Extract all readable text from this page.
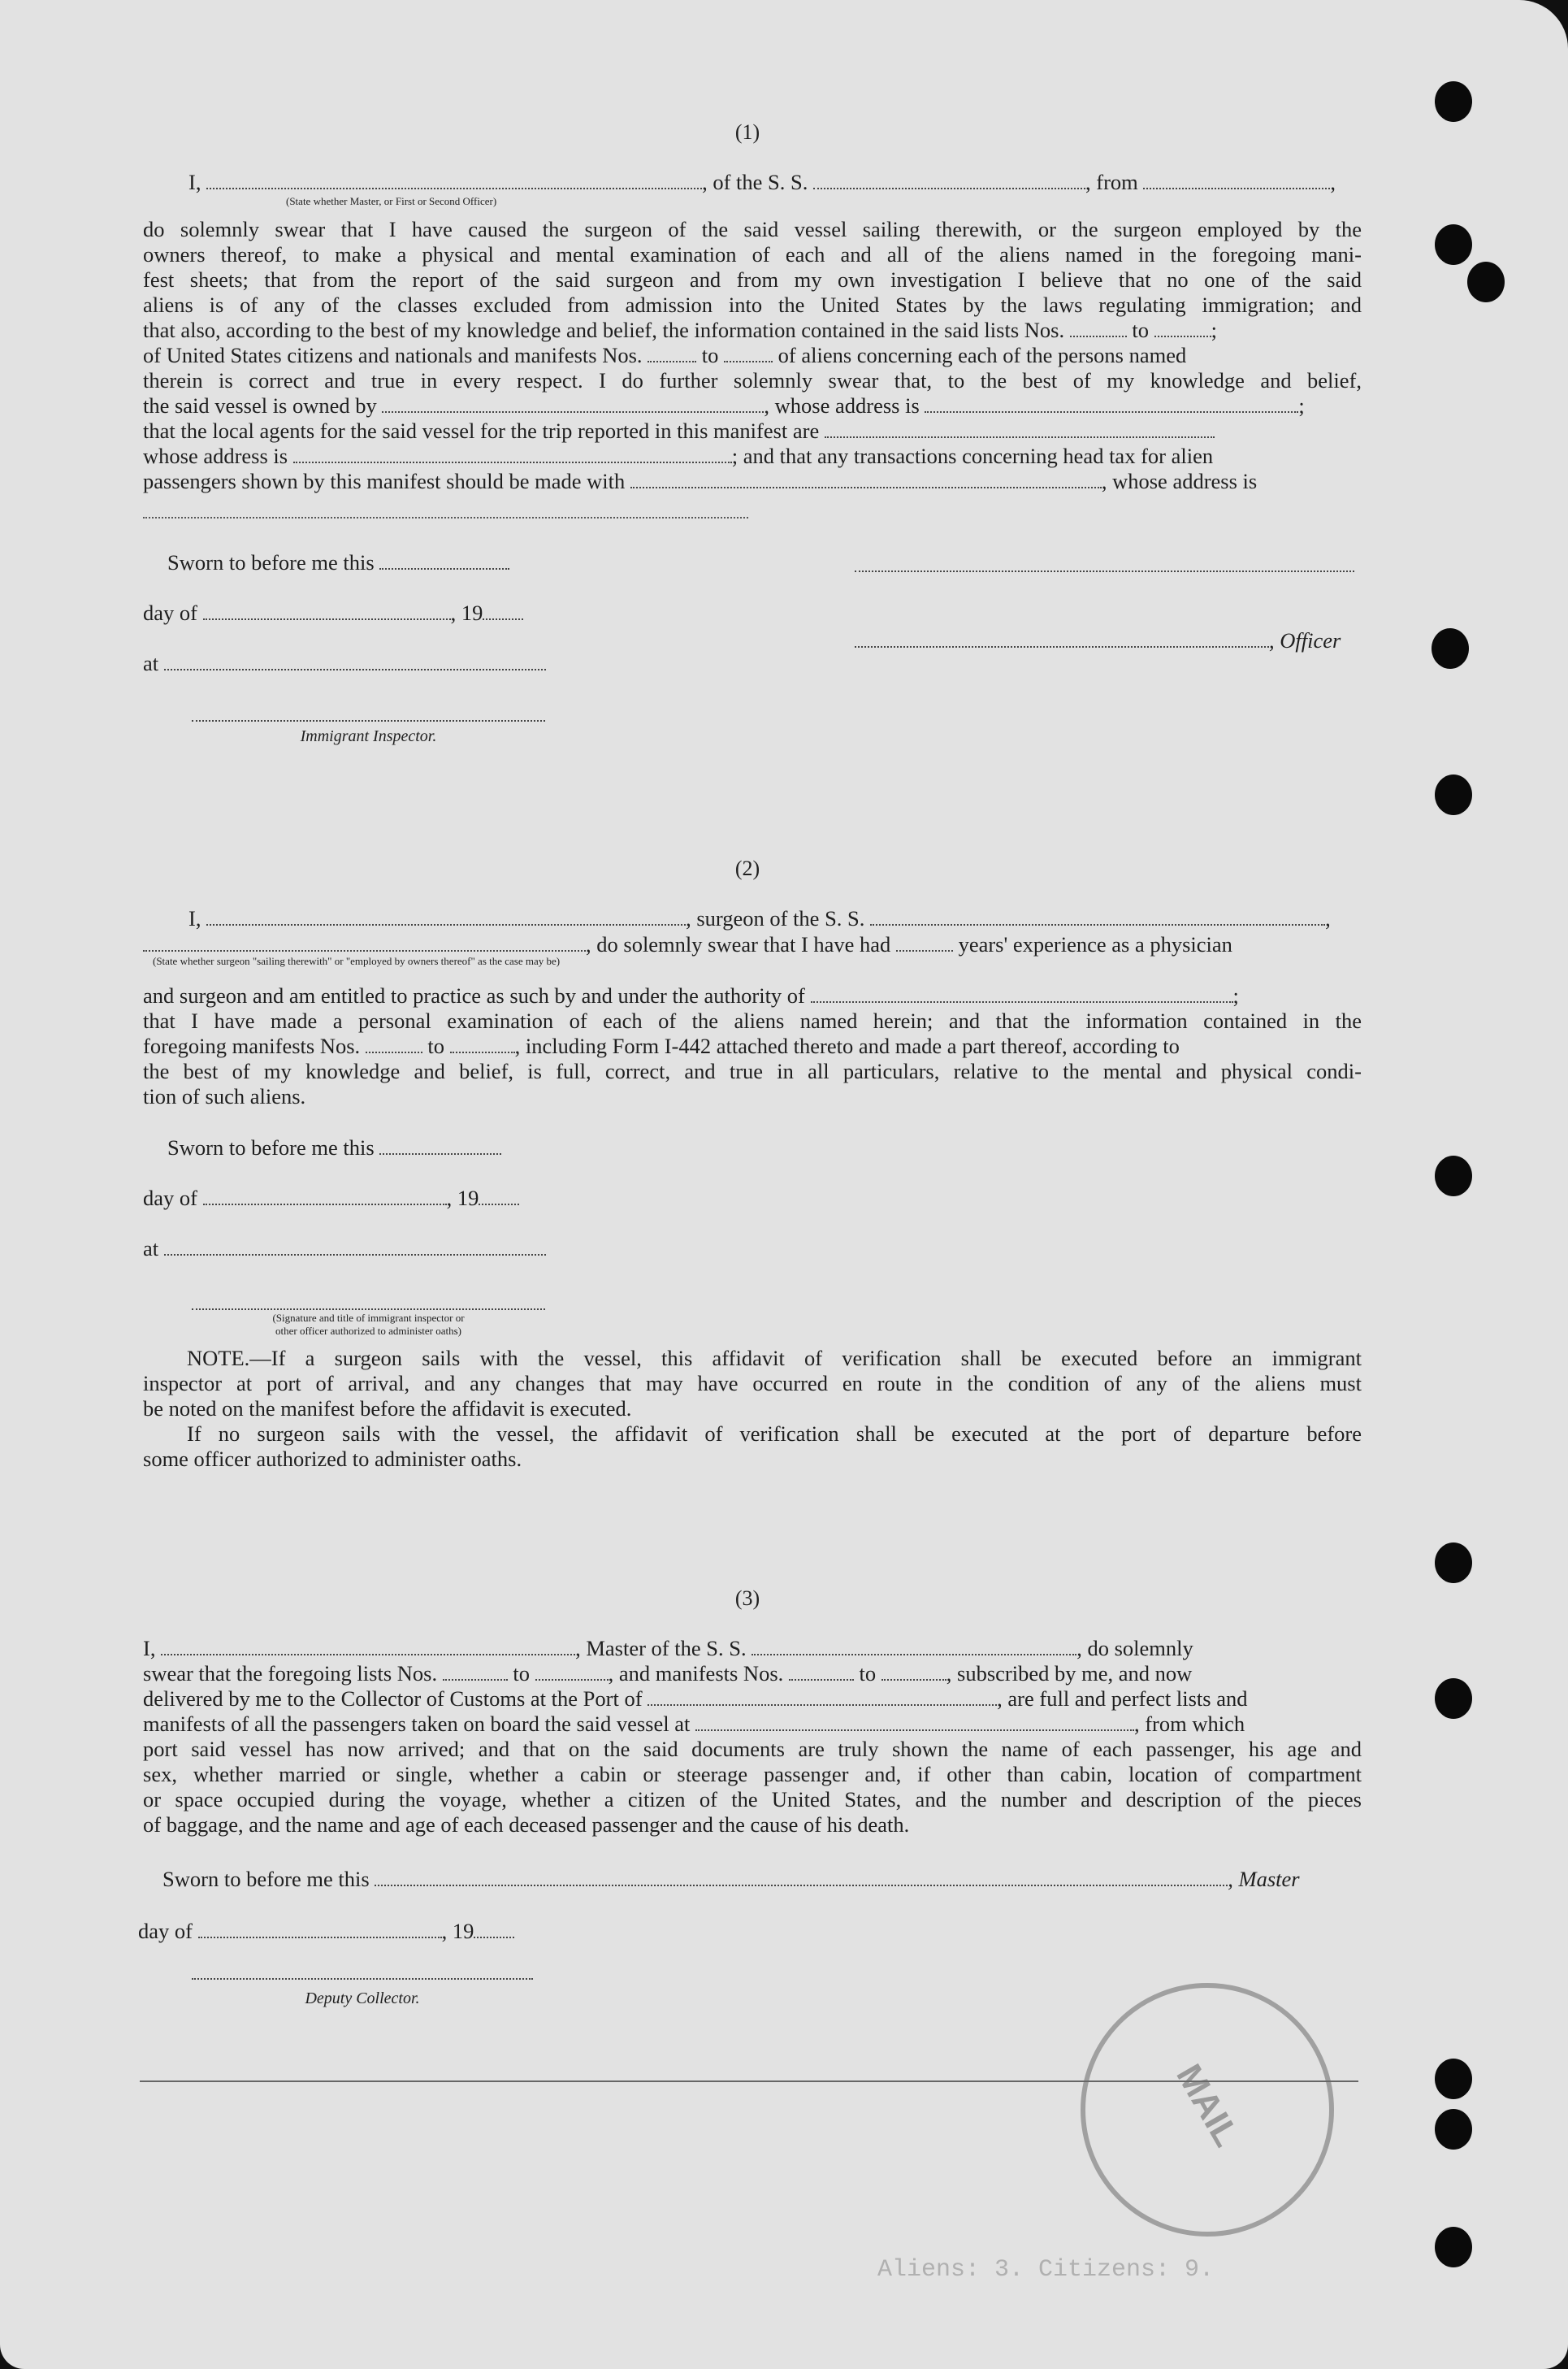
Aliens: 3. Citizens: 9.
MAIL
(1)
I,	, of the S. S.	, from	,
(State whether Master, or First or Second Officer)
do solemnly swear that I have caused the surgeon of the said vessel sailing therewith, or the surgeon employed by the
owners thereof, to make a physical and mental examination of each and all of the aliens named in the foregoing mani-
fest sheets; that from the report of the said surgeon and from my own investigation I believe that no one of the said
aliens is of any of the classes excluded from admission into the United States by the laws regulating immigration; and
that also, according to the best of my knowledge and belief, the information contained in the said lists Nos.	to	;
of United States citizens and nationals and manifests Nos.	to	of aliens concerning each of the persons named
therein is correct and true in every respect. I do further solemnly swear that, to the best of my knowledge and belief,
the said vessel is owned by	, whose address is	;
that the local agents for the said vessel for the trip reported in this manifest are
whose address is	; and that any transactions concerning head tax for alien
passengers shown by this manifest should be made with	, whose address is
Sworn to before me this
day of	, 19
, Officer
at
Immigrant Inspector.
(2)
I,	, surgeon of the S. S.	,
, do solemnly swear that I have had	years' experience as a physician
(State whether surgeon "sailing therewith" or "employed by owners thereof" as the case may be)
and surgeon and am entitled to practice as such by and under the authority of	;
that I have made a personal examination of each of the aliens named herein; and that the information contained in the
foregoing manifests Nos.	to	, including Form I-442 attached thereto and made a part thereof, according to
the best of my knowledge and belief, is full, correct, and true in all particulars, relative to the mental and physical condi-
tion of such aliens.
Sworn to before me this
day of	, 19
at
(Signature and title of immigrant inspector or
other officer authorized to administer oaths)
NOTE.—If a surgeon sails with the vessel, this affidavit of verification shall be executed before an immigrant
inspector at port of arrival, and any changes that may have occurred en route in the condition of any of the aliens must
be noted on the manifest before the affidavit is executed.
If no surgeon sails with the vessel, the affidavit of verification shall be executed at the port of departure before
some officer authorized to administer oaths.
(3)
I,	, Master of the S. S.	, do solemnly
swear that the foregoing lists Nos.	to	, and manifests Nos.	to	, subscribed by me, and now
delivered by me to the Collector of Customs at the Port of	, are full and perfect lists and
manifests of all the passengers taken on board the said vessel at	, from which
port said vessel has now arrived; and that on the said documents are truly shown the name of each passenger, his age and
sex, whether married or single, whether a cabin or steerage passenger and, if other than cabin, location of compartment
or space occupied during the voyage, whether a citizen of the United States, and the number and description of the pieces
of baggage, and the name and age of each deceased passenger and the cause of his death.
Sworn to before me this	, Master
day of	, 19
Deputy Collector.
